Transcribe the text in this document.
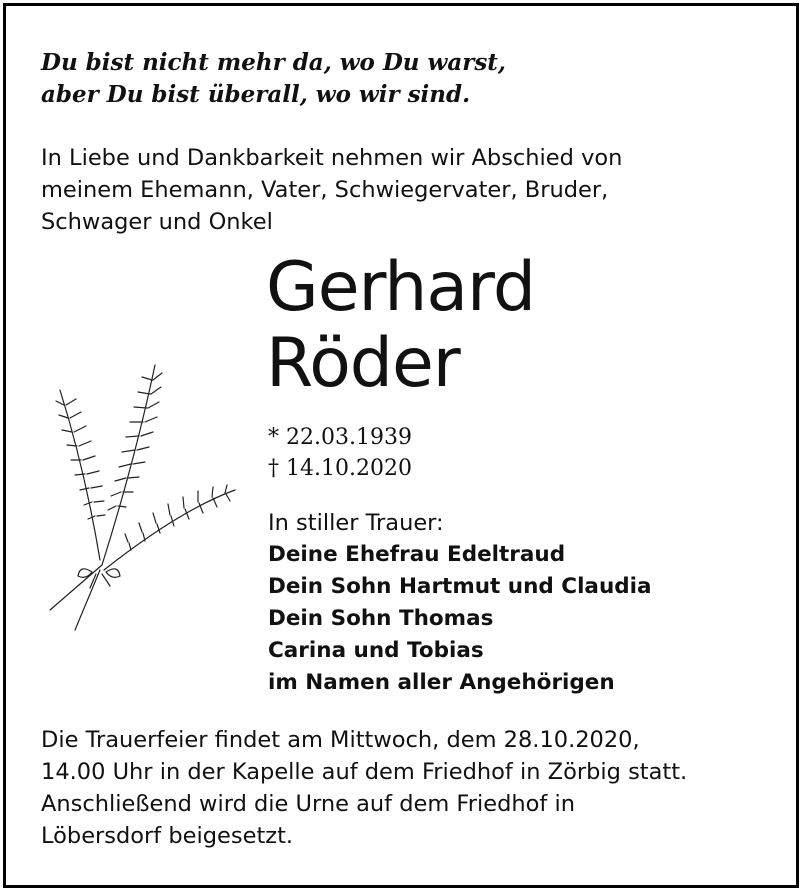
Du bist nicht mehr da, wo Du warst,
aber Du bist überall, wo wir sind.

In Liebe und Dankbarkeit nehmen wir Abschied von
meinem Ehemann, Vater, Schwiegervater, Bruder,
Schwager und Onkel

Gerhard
Röder

* 22.03.1939
† 14.10.2020

In stiller Trauer:
Deine Ehefrau Edeltraud
Dein Sohn Hartmut und Claudia
Dein Sohn Thomas
Carina und Tobias
im Namen aller Angehörigen

Die Trauerfeier findet am Mittwoch, dem 28.10.2020,
14.00 Uhr in der Kapelle auf dem Friedhof in Zörbig statt.
Anschließend wird die Urne auf dem Friedhof in
Löbersdorf beigesetzt.
